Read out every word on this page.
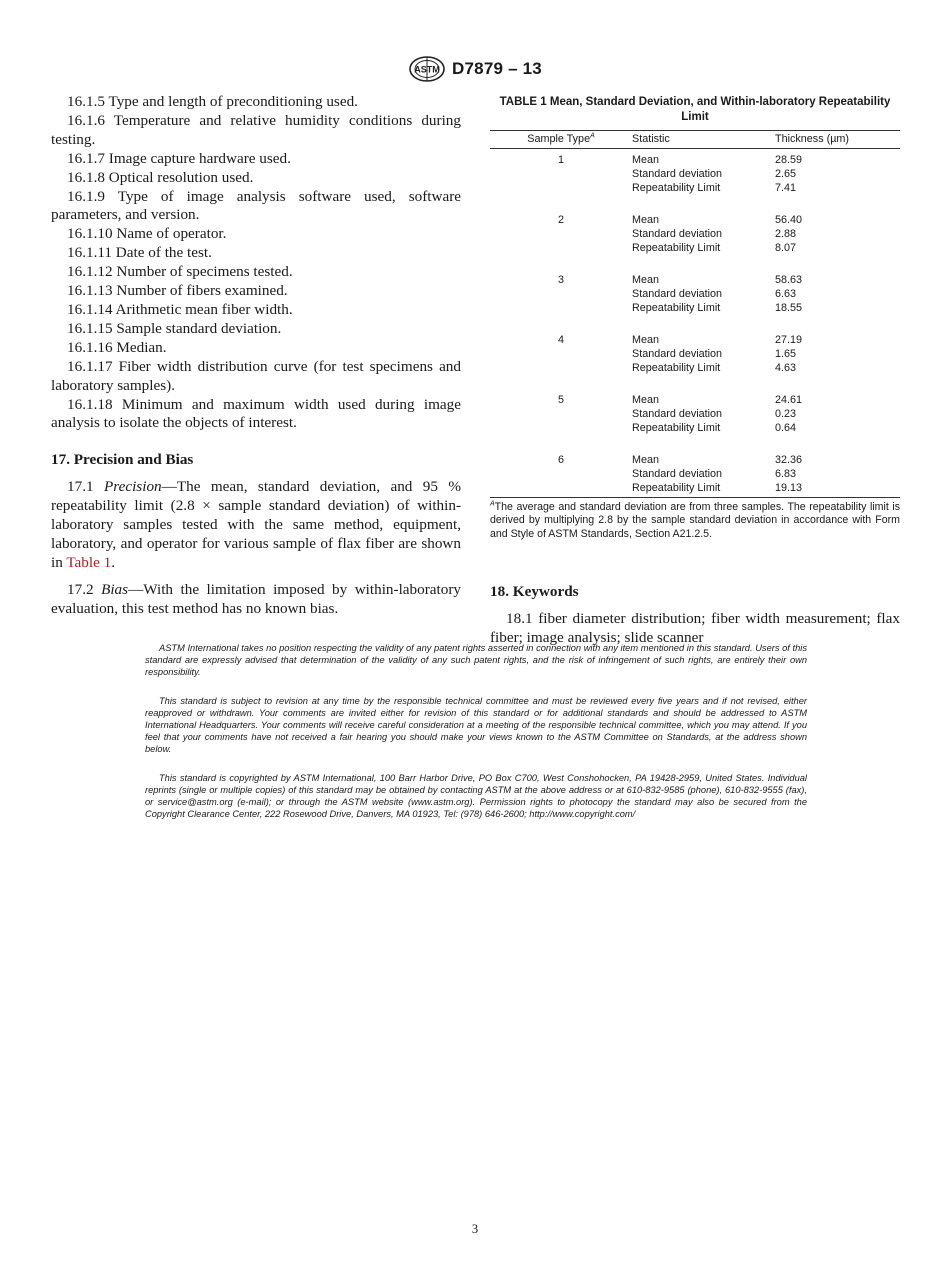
ASTM D7879 – 13

16.1.5 Type and length of preconditioning used.

16.1.6 Temperature and relative humidity conditions during testing.

16.1.7 Image capture hardware used.

16.1.8 Optical resolution used.

16.1.9 Type of image analysis software used, software parameters, and version.

16.1.10 Name of operator.

16.1.11 Date of the test.

16.1.12 Number of specimens tested.

16.1.13 Number of fibers examined.

16.1.14 Arithmetic mean fiber width.

16.1.15 Sample standard deviation.

16.1.16 Median.

16.1.17 Fiber width distribution curve (for test specimens and laboratory samples).

16.1.18 Minimum and maximum width used during image analysis to isolate the objects of interest.

17. Precision and Bias

17.1 Precision—The mean, standard deviation, and 95 % repeatability limit (2.8 × sample standard deviation) of within-laboratory samples tested with the same method, equipment, laboratory, and operator for various sample of flax fiber are shown in Table 1.

17.2 Bias—With the limitation imposed by within-laboratory evaluation, this test method has no known bias.

TABLE 1 Mean, Standard Deviation, and Within-laboratory Repeatability Limit
Sample Type$^A$	Statistic	Thickness (µm)
1	Mean	28.59
	Standard deviation	2.65
	Repeatability Limit	7.41

2	Mean	56.40
	Standard deviation	2.88
	Repeatability Limit	8.07

3	Mean	58.63
	Standard deviation	6.63
	Repeatability Limit	18.55

4	Mean	27.19
	Standard deviation	1.65
	Repeatability Limit	4.63

5	Mean	24.61
	Standard deviation	0.23
	Repeatability Limit	0.64

6	Mean	32.36
	Standard deviation	6.83
	Repeatability Limit	19.13
$^A$The average and standard deviation are from three samples. The repeatability limit is derived by multiplying 2.8 by the sample standard deviation in accordance with Form and Style of ASTM Standards, Section A21.2.5.
18. Keywords

18.1 fiber diameter distribution; fiber width measurement; flax fiber; image analysis; slide scanner

ASTM International takes no position respecting the validity of any patent rights asserted in connection with any item mentioned in this standard. Users of this standard are expressly advised that determination of the validity of any such patent rights, and the risk of infringement of such rights, are entirely their own responsibility.

This standard is subject to revision at any time by the responsible technical committee and must be reviewed every five years and if not revised, either reapproved or withdrawn. Your comments are invited either for revision of this standard or for additional standards and should be addressed to ASTM International Headquarters. Your comments will receive careful consideration at a meeting of the responsible technical committee, which you may attend. If you feel that your comments have not received a fair hearing you should make your views known to the ASTM Committee on Standards, at the address shown below.

This standard is copyrighted by ASTM International, 100 Barr Harbor Drive, PO Box C700, West Conshohocken, PA 19428-2959, United States. Individual reprints (single or multiple copies) of this standard may be obtained by contacting ASTM at the above address or at 610-832-9585 (phone), 610-832-9555 (fax), or service@astm.org (e-mail); or through the ASTM website (www.astm.org). Permission rights to photocopy the standard may also be secured from the Copyright Clearance Center, 222 Rosewood Drive, Danvers, MA 01923, Tel: (978) 646-2600; http://www.copyright.com/

3
